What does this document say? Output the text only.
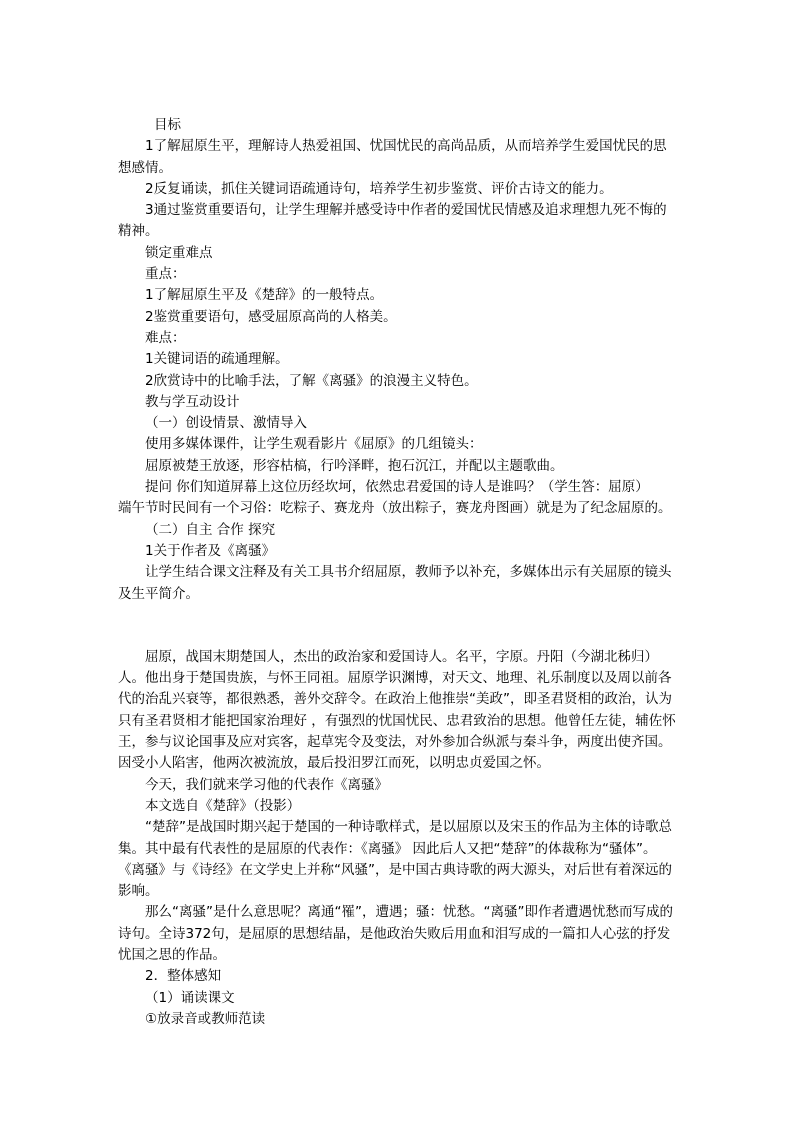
目标

1了解屈原生平，理解诗人热爱祖国、忧国忧民的高尚品质，从而培养学生爱国忧民的思想感情。

2反复诵读，抓住关键词语疏通诗句，培养学生初步鉴赏、评价古诗文的能力。

3通过鉴赏重要语句，让学生理解并感受诗中作者的爱国忧民情感及追求理想九死不悔的精神。

锁定重难点

重点：

1了解屈原生平及《楚辞》的一般特点。

2鉴赏重要语句，感受屈原高尚的人格美。

难点：

1关键词语的疏通理解。

2欣赏诗中的比喻手法，了解《离骚》的浪漫主义特色。

教与学互动设计

（一）创设情景、激情导入

使用多媒体课件，让学生观看影片《屈原》的几组镜头：

屈原被楚王放逐，形容枯槁，行吟泽畔，抱石沉江，并配以主题歌曲。

提问 你们知道屏幕上这位历经坎坷，依然忠君爱国的诗人是谁吗？（学生答：屈原）

端午节时民间有一个习俗：吃粽子、赛龙舟（放出粽子，赛龙舟图画）就是为了纪念屈原的。

（二）自主 合作 探究

1关于作者及《离骚》

让学生结合课文注释及有关工具书介绍屈原，教师予以补充，多媒体出示有关屈原的镜头及生平简介。

屈原，战国末期楚国人，杰出的政治家和爱国诗人。名平，字原。丹阳（今湖北秭归）人。他出身于楚国贵族，与怀王同祖。屈原学识渊博，对天文、地理、礼乐制度以及周以前各代的治乱兴衰等，都很熟悉，善外交辞令。在政治上他推崇“美政”，即圣君贤相的政治，认为只有圣君贤相才能把国家治理好 ，有强烈的忧国忧民、忠君致治的思想。他曾任左徒，辅佐怀王，参与议论国事及应对宾客，起草宪令及变法，对外参加合纵派与秦斗争，两度出使齐国。因受小人陷害，他两次被流放，最后投汨罗江而死，以明忠贞爱国之怀。

今天，我们就来学习他的代表作《离骚》

本文选自《楚辞》（投影）

“楚辞”是战国时期兴起于楚国的一种诗歌样式，是以屈原以及宋玉的作品为主体的诗歌总集。其中最有代表性的是屈原的代表作：《离骚》 因此后人又把“楚辞”的体裁称为“骚体”。《离骚》与《诗经》在文学史上并称“风骚”，是中国古典诗歌的两大源头，对后世有着深远的影响。

那么“离骚”是什么意思呢？离通“罹”，遭遇；骚：忧愁。“离骚”即作者遭遇忧愁而写成的诗句。全诗372句，是屈原的思想结晶，是他政治失败后用血和泪写成的一篇扣人心弦的抒发忧国之思的作品。

2．整体感知

（1）诵读课文

①放录音或教师范读
